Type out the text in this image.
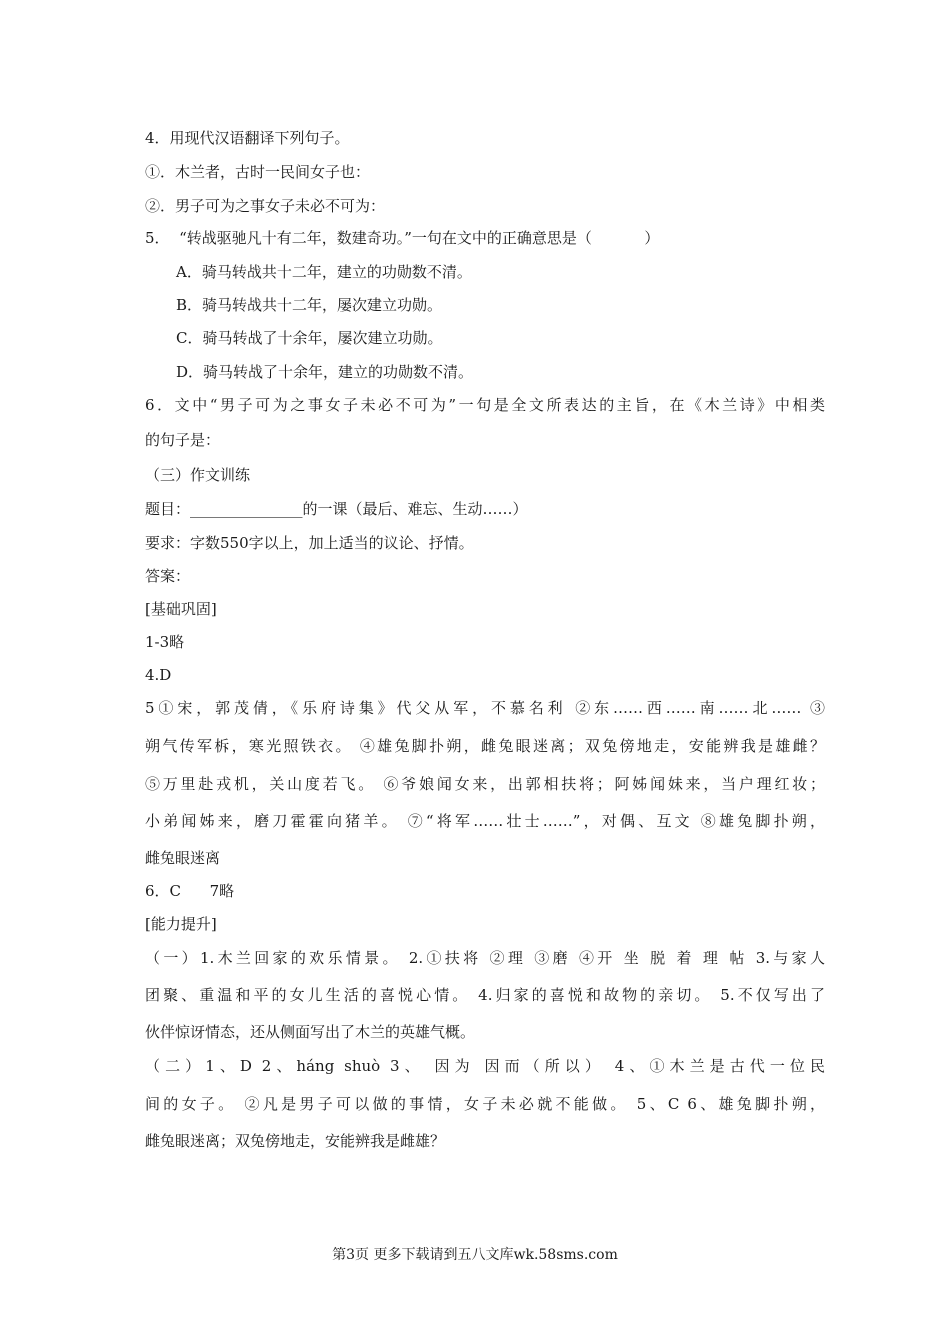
4．用现代汉语翻译下列句子。
①．木兰者，古时一民间女子也：
②．男子可为之事女子未必不可为：
5．  “转战驱驰凡十有二年，数建奇功。”一句在文中的正确意思是（           ）
A．骑马转战共十二年，建立的功勋数不清。
B．骑马转战共十二年，屡次建立功勋。
C．骑马转战了十余年，屡次建立功勋。
D．骑马转战了十余年，建立的功勋数不清。
6．文中“男子可为之事女子未必不可为”一句是全文所表达的主旨，在《木兰诗》中相类
的句子是：
（三）作文训练
题目：_______________的一课（最后、难忘、生动……）
要求：字数550字以上，加上适当的议论、抒情。
答案：
[基础巩固]
1-3略
4.D
5①宋，郭茂倩，《乐府诗集》代父从军，不慕名利 ②东……西……南……北…… ③
朔气传军柝，寒光照铁衣。 ④雄兔脚扑朔，雌兔眼迷离；双兔傍地走，安能辨我是雄雌？
⑤万里赴戎机，关山度若飞。 ⑥爷娘闻女来，出郭相扶将；阿姊闻妹来，当户理红妆；
小弟闻姊来，磨刀霍霍向猪羊。 ⑦“将军……壮士……”，对偶、互文 ⑧雄兔脚扑朔，
雌兔眼迷离
6．C      7略
[能力提升]
（一）1.木兰回家的欢乐情景。 2.①扶将 ②理 ③磨 ④开 坐 脱 着 理 帖 3.与家人
团聚、重温和平的女儿生活的喜悦心情。 4.归家的喜悦和故物的亲切。 5.不仅写出了
伙伴惊讶情态，还从侧面写出了木兰的英雄气概。
（二）1、D 2、háng shuò 3、 因为 因而（所以） 4、①木兰是古代一位民
间的女子。 ②凡是男子可以做的事情，女子未必就不能做。 5、C 6、雄兔脚扑朔，
雌兔眼迷离；双兔傍地走，安能辨我是雌雄？
第3页 更多下载请到五八文库wk.58sms.com
